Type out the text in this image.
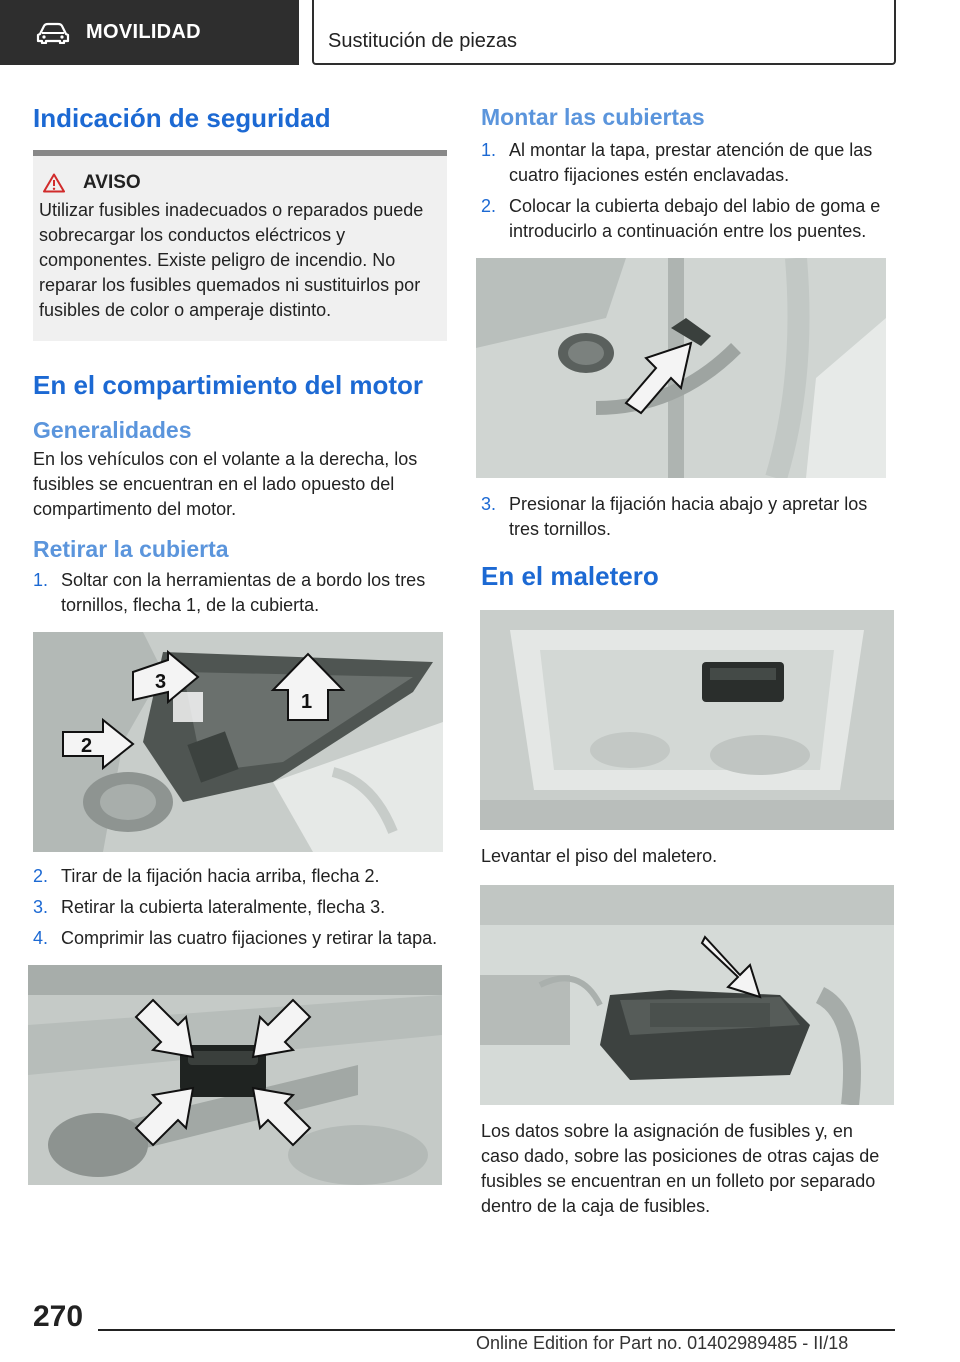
MOVILIDAD	Sustitución de piezas
Indicación de seguridad
AVISO

Utilizar fusibles inadecuados o reparados puede sobrecargar los conductos eléctricos y componentes. Existe peligro de incendio. No reparar los fusibles quemados ni sustituirlos por fusibles de color o amperaje distinto.

En el compartimiento del motor
Generalidades

En los vehículos con el volante a la derecha, los fusibles se encuentran en el lado opuesto del compartimento del motor.

Retirar la cubierta
1. Soltar con la herramientas de a bordo los tres tornillos, flecha 1, de la cubierta.
3
1
2
2. Tirar de la fijación hacia arriba, flecha 2.
3. Retirar la cubierta lateralmente, flecha 3.
4. Comprimir las cuatro fijaciones y retirar la tapa.
Montar las cubiertas
1. Al montar la tapa, prestar atención de que las cuatro fijaciones estén enclavadas.
2. Colocar la cubierta debajo del labio de goma e introducirlo a continuación entre los puentes.
3. Presionar la fijación hacia abajo y apretar los tres tornillos.
En el maletero

Levantar el piso del maletero.

Los datos sobre la asignación de fusibles y, en caso dado, sobre las posiciones de otras cajas de fusibles se encuentran en un folleto por separado dentro de la caja de fusibles.

270
Online Edition for Part no. 01402989485 - II/18
